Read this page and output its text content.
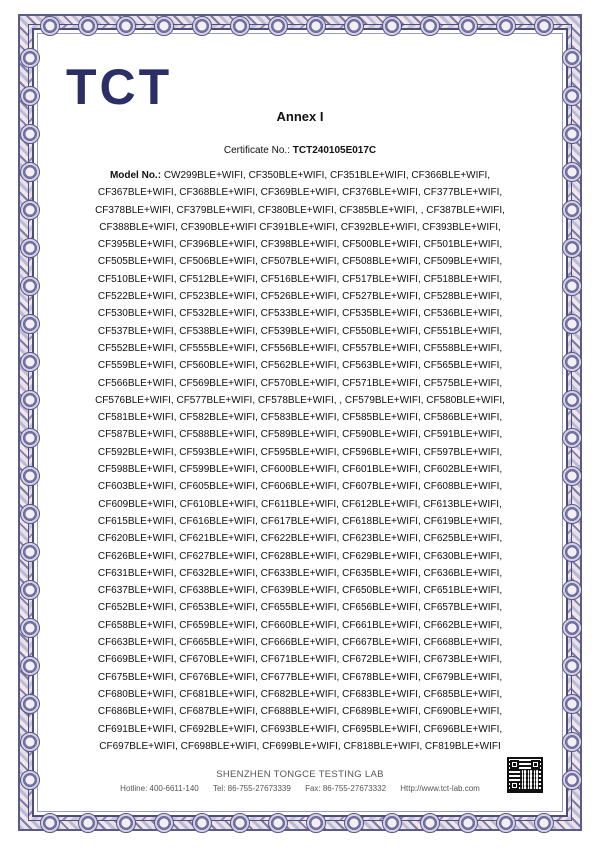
TCT
Annex I
Certificate No.: TCT240105E017C
Model No.: CW299BLE+WIFI, CF350BLE+WIFI, CF351BLE+WIFI, CF366BLE+WIFI,
CF367BLE+WIFI, CF368BLE+WIFI, CF369BLE+WIFI, CF376BLE+WIFI, CF377BLE+WIFI,
CF378BLE+WIFI, CF379BLE+WIFI, CF380BLE+WIFI, CF385BLE+WIFI, , CF387BLE+WIFI,
CF388BLE+WIFI, CF390BLE+WIFI CF391BLE+WIFI, CF392BLE+WIFI, CF393BLE+WIFI,
CF395BLE+WIFI, CF396BLE+WIFI, CF398BLE+WIFI, CF500BLE+WIFI, CF501BLE+WIFI,
CF505BLE+WIFI, CF506BLE+WIFI, CF507BLE+WIFI, CF508BLE+WIFI, CF509BLE+WIFI,
CF510BLE+WIFI, CF512BLE+WIFI, CF516BLE+WIFI, CF517BLE+WIFI, CF518BLE+WIFI,
CF522BLE+WIFI, CF523BLE+WIFI, CF526BLE+WIFI, CF527BLE+WIFI, CF528BLE+WIFI,
CF530BLE+WIFI, CF532BLE+WIFI, CF533BLE+WIFI, CF535BLE+WIFI, CF536BLE+WIFI,
CF537BLE+WIFI, CF538BLE+WIFI, CF539BLE+WIFI, CF550BLE+WIFI, CF551BLE+WIFI,
CF552BLE+WIFI, CF555BLE+WIFI, CF556BLE+WIFI, CF557BLE+WIFI, CF558BLE+WIFI,
CF559BLE+WIFI, CF560BLE+WIFI, CF562BLE+WIFI, CF563BLE+WIFI, CF565BLE+WIFI,
CF566BLE+WIFI, CF569BLE+WIFI, CF570BLE+WIFI, CF571BLE+WIFI, CF575BLE+WIFI,
CF576BLE+WIFI, CF577BLE+WIFI, CF578BLE+WIFI, , CF579BLE+WIFI, CF580BLE+WIFI,
CF581BLE+WIFI, CF582BLE+WIFI, CF583BLE+WIFI, CF585BLE+WIFI, CF586BLE+WIFI,
CF587BLE+WIFI, CF588BLE+WIFI, CF589BLE+WIFI, CF590BLE+WIFI, CF591BLE+WIFI,
CF592BLE+WIFI, CF593BLE+WIFI, CF595BLE+WIFI, CF596BLE+WIFI, CF597BLE+WIFI,
CF598BLE+WIFI, CF599BLE+WIFI, CF600BLE+WIFI, CF601BLE+WIFI, CF602BLE+WIFI,
CF603BLE+WIFI, CF605BLE+WIFI, CF606BLE+WIFI, CF607BLE+WIFI, CF608BLE+WIFI,
CF609BLE+WIFI, CF610BLE+WIFI, CF611BLE+WIFI, CF612BLE+WIFI, CF613BLE+WIFI,
CF615BLE+WIFI, CF616BLE+WIFI, CF617BLE+WIFI, CF618BLE+WIFI, CF619BLE+WIFI,
CF620BLE+WIFI, CF621BLE+WIFI, CF622BLE+WIFI, CF623BLE+WIFI, CF625BLE+WIFI,
CF626BLE+WIFI, CF627BLE+WIFI, CF628BLE+WIFI, CF629BLE+WIFI, CF630BLE+WIFI,
CF631BLE+WIFI, CF632BLE+WIFI, CF633BLE+WIFI, CF635BLE+WIFI, CF636BLE+WIFI,
CF637BLE+WIFI, CF638BLE+WIFI, CF639BLE+WIFI, CF650BLE+WIFI, CF651BLE+WIFI,
CF652BLE+WIFI, CF653BLE+WIFI, CF655BLE+WIFI, CF656BLE+WIFI, CF657BLE+WIFI,
CF658BLE+WIFI, CF659BLE+WIFI, CF660BLE+WIFI, CF661BLE+WIFI, CF662BLE+WIFI,
CF663BLE+WIFI, CF665BLE+WIFI, CF666BLE+WIFI, CF667BLE+WIFI, CF668BLE+WIFI,
CF669BLE+WIFI, CF670BLE+WIFI, CF671BLE+WIFI, CF672BLE+WIFI, CF673BLE+WIFI,
CF675BLE+WIFI, CF676BLE+WIFI, CF677BLE+WIFI, CF678BLE+WIFI, CF679BLE+WIFI,
CF680BLE+WIFI, CF681BLE+WIFI, CF682BLE+WIFI, CF683BLE+WIFI, CF685BLE+WIFI,
CF686BLE+WIFI, CF687BLE+WIFI, CF688BLE+WIFI, CF689BLE+WIFI, CF690BLE+WIFI,
CF691BLE+WIFI, CF692BLE+WIFI, CF693BLE+WIFI, CF695BLE+WIFI, CF696BLE+WIFI,
CF697BLE+WIFI, CF698BLE+WIFI, CF699BLE+WIFI, CF818BLE+WIFI, CF819BLE+WIFI
SHENZHEN TONGCE TESTING LAB
Hotline: 400-6611-140 Tel: 86-755-27673339 Fax: 86-755-27673332 Http://www.tct-lab.com
